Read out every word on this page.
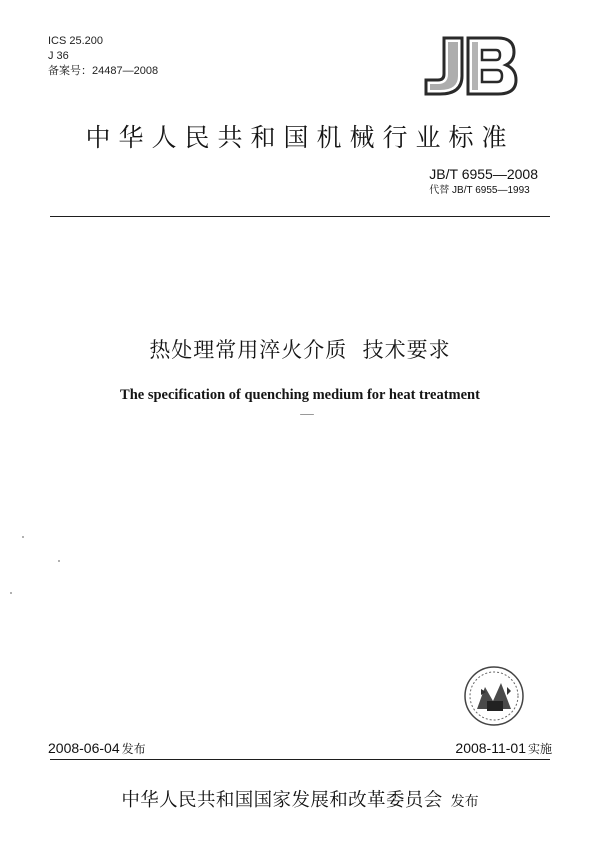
ICS 25.200
J 36
备案号：24487—2008
中华人民共和国机械行业标准
JB/T 6955—2008
代替 JB/T 6955—1993
热处理常用淬火介质  技术要求
The specification of quenching medium for heat treatment
2008-06-04 发布	2008-11-01 实施
中华人民共和国国家发展和改革委员会 发布
